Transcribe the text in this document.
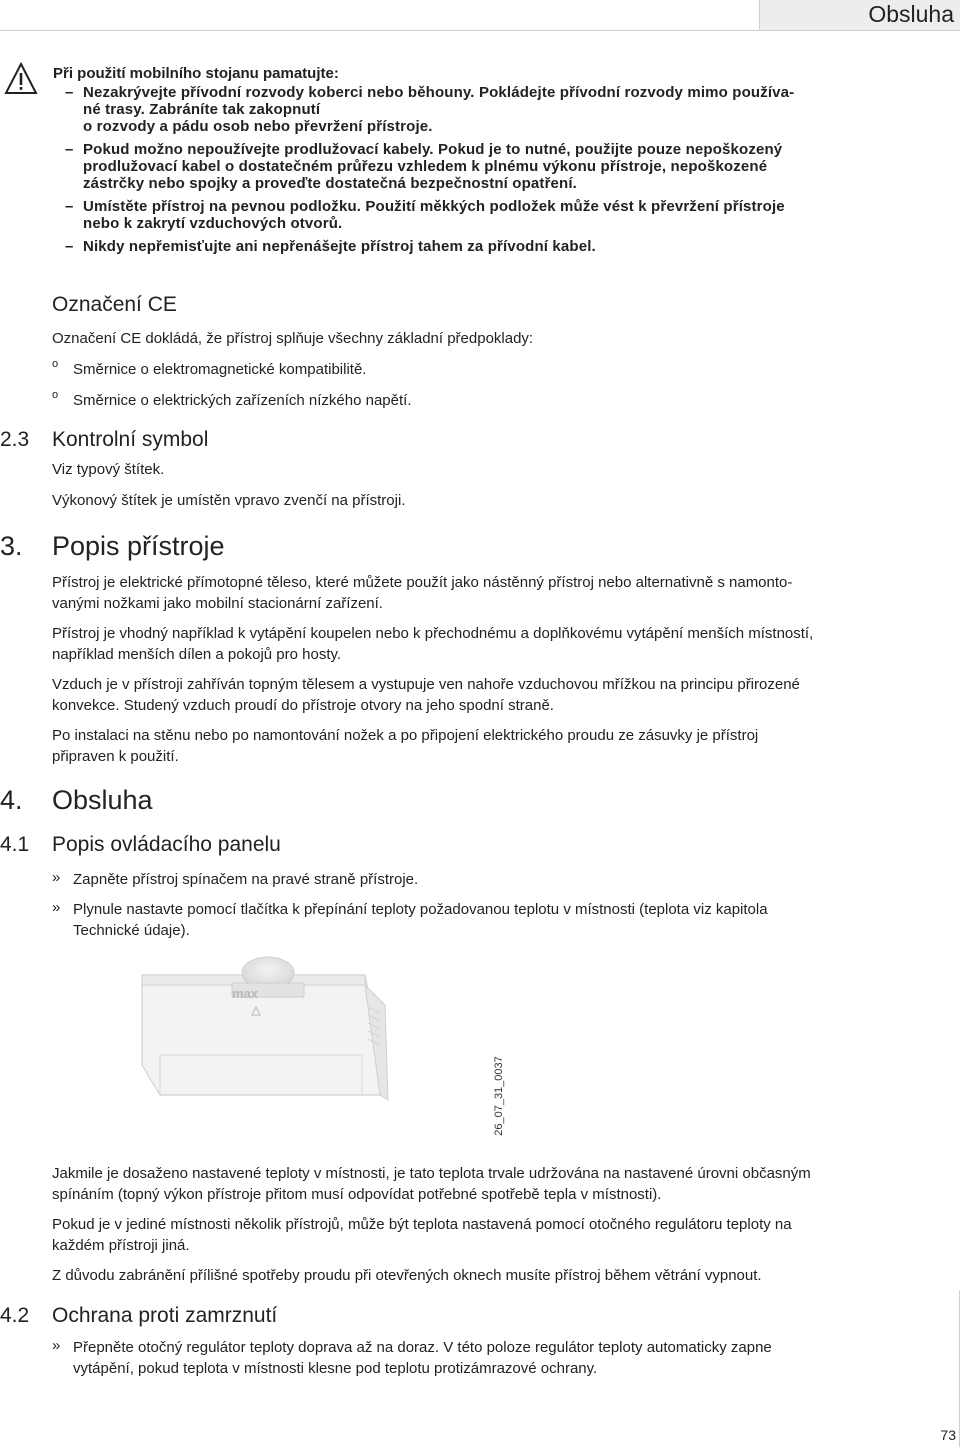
Obsluha
Při použití mobilního stojanu pamatujte:
– Nezakrývejte přívodní rozvody koberci nebo běhouny. Pokládejte přívodní rozvody mimo používa-
né trasy. Zabráníte tak zakopnutí
o rozvody a pádu osob nebo převržení přístroje.
– Pokud možno nepoužívejte prodlužovací kabely. Pokud je to nutné, použijte pouze nepoškozený
prodlužovací kabel o dostatečném průřezu vzhledem k plnému výkonu přístroje, nepoškozené
zástrčky nebo spojky a proveďte dostatečná bezpečnostní opatření.
– Umístěte přístroj na pevnou podložku. Použití měkkých podložek může vést k převržení přístroje
nebo k zakrytí vzduchových otvorů.
– Nikdy nepřemisťujte ani nepřenášejte přístroj tahem za přívodní kabel.
Označení CE
Označení CE dokládá, že přístroj splňuje všechny základní předpoklady:
o Směrnice o elektromagnetické kompatibilitě.
o Směrnice o elektrických zařízeních nízkého napětí.
2.3 Kontrolní symbol
Viz typový štítek.
Výkonový štítek je umístěn vpravo zvenčí na přístroji.
3. Popis přístroje
Přístroj je elektrické přímotopné těleso, které můžete použít jako nástěnný přístroj nebo alternativně s namonto-
vanými nožkami jako mobilní stacionární zařízení.
Přístroj je vhodný například k vytápění koupelen nebo k přechodnému a doplňkovému vytápění menších místností,
například menších dílen a pokojů pro hosty.
Vzduch je v přístroji zahříván topným tělesem a vystupuje ven nahoře vzduchovou mřížkou na principu přirozené
konvekce. Studený vzduch proudí do přístroje otvory na jeho spodní straně.
Po instalaci na stěnu nebo po namontování nožek a po připojení elektrického proudu ze zásuvky je přístroj
připraven k použití.
4. Obsluha
4.1 Popis ovládacího panelu
» Zapněte přístroj spínačem na pravé straně přístroje.
» Plynule nastavte pomocí tlačítka k přepínání teploty požadovanou teplotu v místnosti (teplota viz kapitola
Technické údaje).
max
26_07_31_0037
Jakmile je dosaženo nastavené teploty v místnosti, je tato teplota trvale udržována na nastavené úrovni občasným
spínáním (topný výkon přístroje přitom musí odpovídat potřebné spotřebě tepla v místnosti).
Pokud je v jediné místnosti několik přístrojů, může být teplota nastavená pomocí otočného regulátoru teploty na
každém přístroji jiná.
Z důvodu zabránění přílišné spotřeby proudu při otevřených oknech musíte přístroj během větrání vypnout.
4.2 Ochrana proti zamrznutí
» Přepněte otočný regulátor teploty doprava až na doraz. V této poloze regulátor teploty automaticky zapne
vytápění, pokud teplota v místnosti klesne pod teplotu protizámrazové ochrany.
73
